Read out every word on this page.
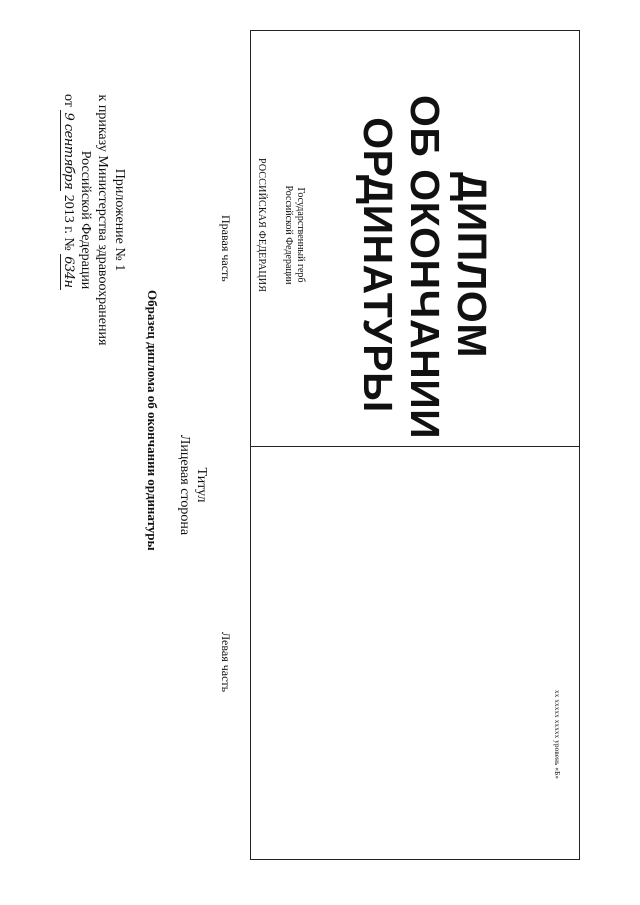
Приложение № 1
к приказу Министерства здравоохранения
Российской Федерации
от 9 сентября 2013 г. № 634н
Образец диплома об окончании ординатуры Титул
Лицевая сторона
Правая часть
Левая часть
РОССИЙСКАЯ ФЕДЕРАЦИЯ	Государственный герб
Российской Федерации	ДИПЛОМ
ОБ ОКОНЧАНИИ
ОРДИНАТУРЫ
хх ххххх ххххх уровень «Б»
